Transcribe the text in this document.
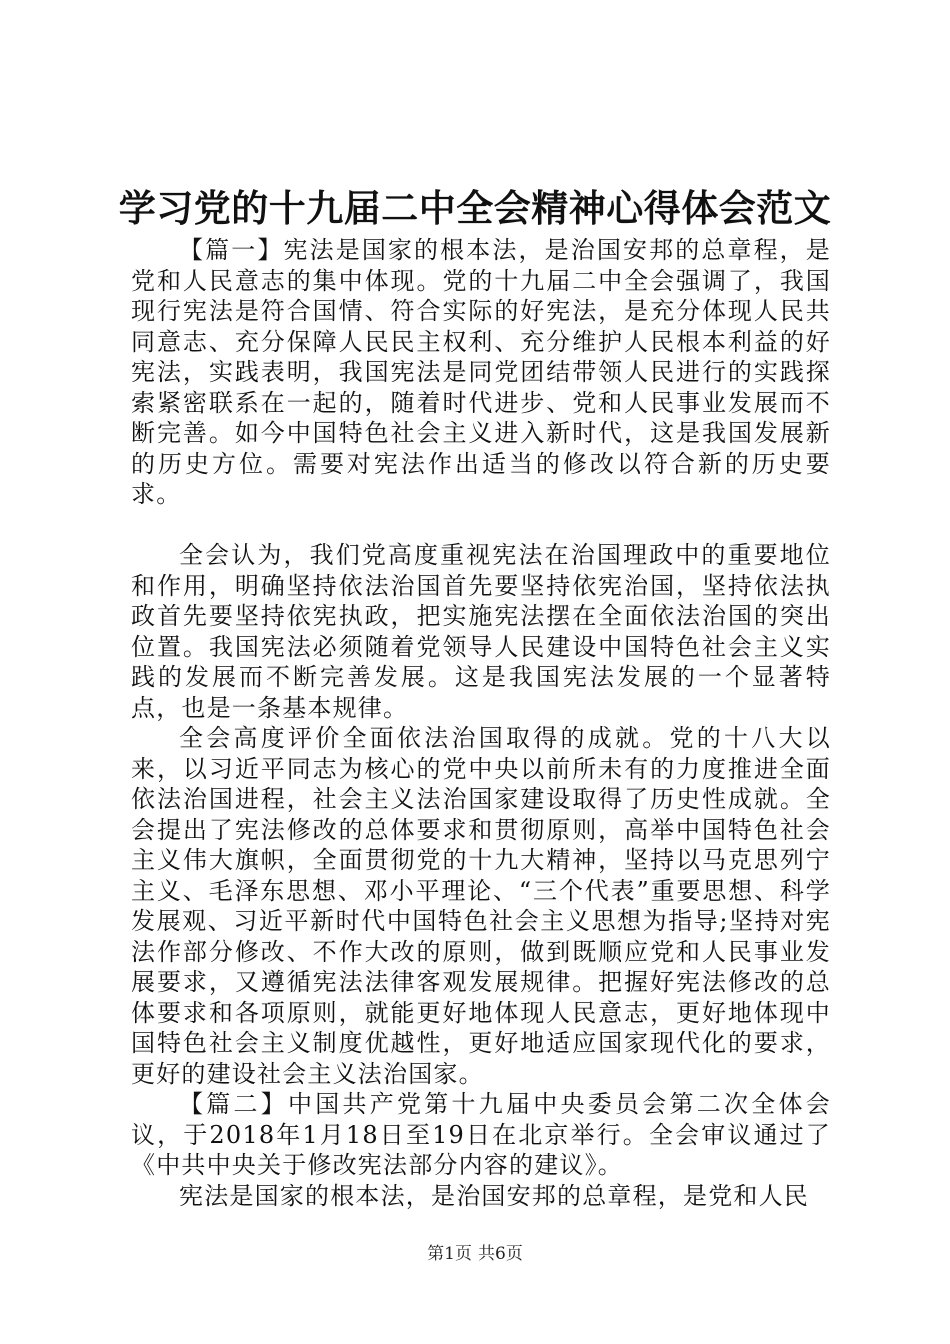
学习党的十九届二中全会精神心得体会范文

【篇一】宪法是国家的根本法，是治国安邦的总章程，是党和人民意志的集中体现。党的十九届二中全会强调了，我国现行宪法是符合国情、符合实际的好宪法，是充分体现人民共同意志、充分保障人民民主权利、充分维护人民根本利益的好宪法，实践表明，我国宪法是同党团结带领人民进行的实践探索紧密联系在一起的，随着时代进步、党和人民事业发展而不断完善。如今中国特色社会主义进入新时代，这是我国发展新的历史方位。需要对宪法作出适当的修改以符合新的历史要求。

全会认为，我们党高度重视宪法在治国理政中的重要地位和作用，明确坚持依法治国首先要坚持依宪治国，坚持依法执政首先要坚持依宪执政，把实施宪法摆在全面依法治国的突出位置。我国宪法必须随着党领导人民建设中国特色社会主义实践的发展而不断完善发展。这是我国宪法发展的一个显著特点，也是一条基本规律。

全会高度评价全面依法治国取得的成就。党的十八大以来，以习近平同志为核心的党中央以前所未有的力度推进全面依法治国进程，社会主义法治国家建设取得了历史性成就。全会提出了宪法修改的总体要求和贯彻原则，高举中国特色社会主义伟大旗帜，全面贯彻党的十九大精神，坚持以马克思列宁主义、毛泽东思想、邓小平理论、“三个代表”重要思想、科学发展观、习近平新时代中国特色社会主义思想为指导;坚持对宪法作部分修改、不作大改的原则，做到既顺应党和人民事业发展要求，又遵循宪法法律客观发展规律。把握好宪法修改的总体要求和各项原则，就能更好地体现人民意志，更好地体现中国特色社会主义制度优越性，更好地适应国家现代化的要求，更好的建设社会主义法治国家。

【篇二】中国共产党第十九届中央委员会第二次全体会议，于2018年1月18日至19日在北京举行。全会审议通过了《中共中央关于修改宪法部分内容的建议》。

宪法是国家的根本法，是治国安邦的总章程，是党和人民

第1页 共6页
